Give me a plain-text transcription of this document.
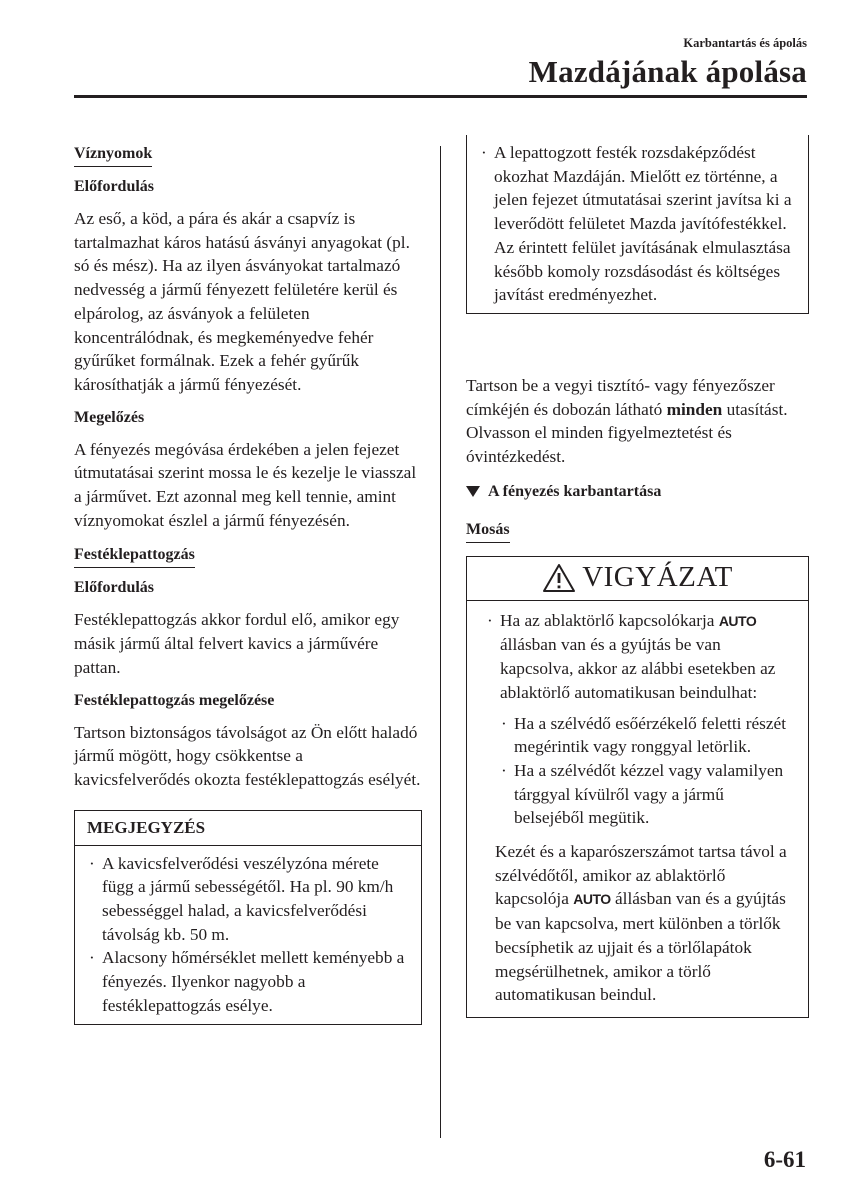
Karbantartás és ápolás
Mazdájának ápolása
Víznyomok
Előfordulás

Az eső, a köd, a pára és akár a csapvíz is tartalmazhat káros hatású ásványi anyagokat (pl. só és mész). Ha az ilyen ásványokat tartalmazó nedvesség a jármű fényezett felületére kerül és elpárolog, az ásványok a felületen koncentrálódnak, és megkeményedve fehér gyűrűket formálnak. Ezek a fehér gyűrűk károsíthatják a jármű fényezését.

Megelőzés

A fényezés megóvása érdekében a jelen fejezet útmutatásai szerint mossa le és kezelje le viasszal a járművet. Ezt azonnal meg kell tennie, amint víznyomokat észlel a jármű fényezésén.

Festéklepattogzás
Előfordulás

Festéklepattogzás akkor fordul elő, amikor egy másik jármű által felvert kavics a járművére pattan.

Festéklepattogzás megelőzése

Tartson biztonságos távolságot az Ön előtt haladó jármű mögött, hogy csökkentse a kavicsfelverődés okozta festéklepattogzás esélyét.

MEGJEGYZÉS
· A kavicsfelverődési veszélyzóna mérete függ a jármű sebességétől. Ha pl. 90 km/h sebességgel halad, a kavicsfelverődési távolság kb. 50 m.
· Alacsony hőmérséklet mellett keményebb a fényezés. Ilyenkor nagyobb a festéklepattogzás esélye.
· A lepattogzott festék rozsdaképződést okozhat Mazdáján. Mielőtt ez történne, a jelen fejezet útmutatásai szerint javítsa ki a leverődött felületet Mazda javítófestékkel. Az érintett felület javításának elmulasztása később komoly rozsdásodást és költséges javítást eredményezhet.

Tartson be a vegyi tisztító- vagy fényezőszer címkéjén és dobozán látható minden utasítást. Olvasson el minden figyelmeztetést és óvintézkedést.

A fényezés karbantartása
Mosás
VIGYÁZAT
· Ha az ablaktörlő kapcsolókarja AUTO állásban van és a gyújtás be van kapcsolva, akkor az alábbi esetekben az ablaktörlő automatikusan beindulhat:
· Ha a szélvédő esőérzékelő feletti részét megérintik vagy ronggyal letörlik.
· Ha a szélvédőt kézzel vagy valamilyen tárggyal kívülről vagy a jármű belsejéből megütik.

Kezét és a kaparószerszámot tartsa távol a szélvédőtől, amikor az ablaktörlő kapcsolója AUTO állásban van és a gyújtás be van kapcsolva, mert különben a törlők becsíphetik az ujjait és a törlőlapátok megsérülhetnek, amikor a törlő automatikusan beindul.

6-61
